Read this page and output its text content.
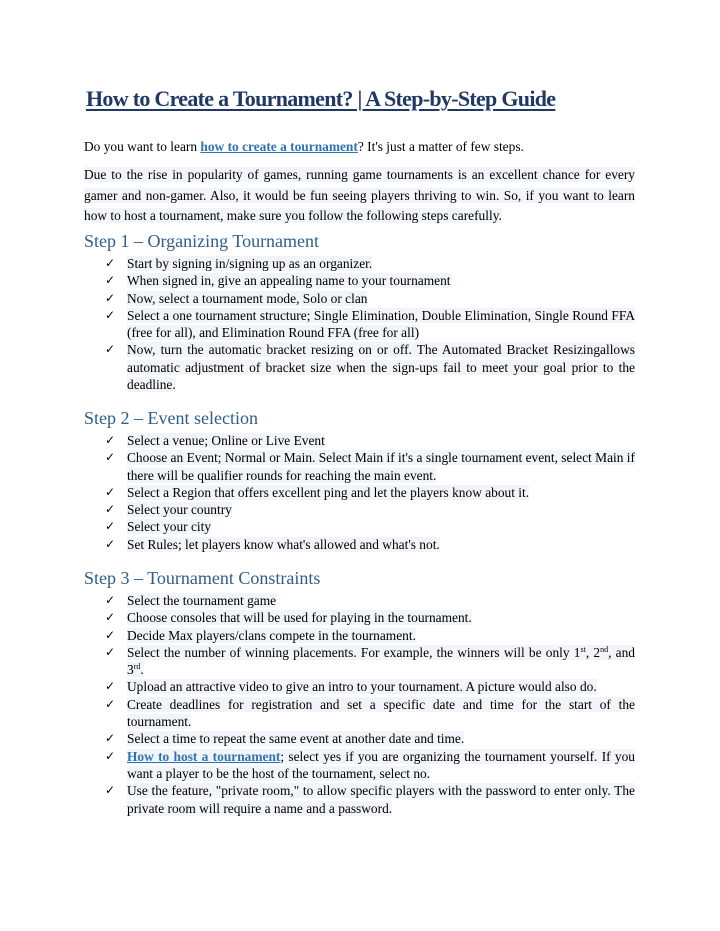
How to Create a Tournament? | A Step-by-Step Guide

Do you want to learn how to create a tournament? It's just a matter of few steps.

Due to the rise in popularity of games, running game tournaments is an excellent chance for every gamer and non-gamer. Also, it would be fun seeing players thriving to win. So, if you want to learn how to host a tournament, make sure you follow the following steps carefully.

Step 1 – Organizing Tournament
✓ Start by signing in/signing up as an organizer.
✓ When signed in, give an appealing name to your tournament
✓ Now, select a tournament mode, Solo or clan
✓ Select a one tournament structure; Single Elimination, Double Elimination, Single Round FFA (free for all), and Elimination Round FFA (free for all)
✓ Now, turn the automatic bracket resizing on or off. The Automated Bracket Resizingallows automatic adjustment of bracket size when the sign-ups fail to meet your goal prior to the deadline.
Step 2 – Event selection
✓ Select a venue; Online or Live Event
✓ Choose an Event; Normal or Main. Select Main if it's a single tournament event, select Main if there will be qualifier rounds for reaching the main event.
✓ Select a Region that offers excellent ping and let the players know about it.
✓ Select your country
✓ Select your city
✓ Set Rules; let players know what's allowed and what's not.
Step 3 – Tournament Constraints
✓ Select the tournament game
✓ Choose consoles that will be used for playing in the tournament.
✓ Decide Max players/clans compete in the tournament.
✓ Select the number of winning placements. For example, the winners will be only 1st, 2nd, and 3rd.
✓ Upload an attractive video to give an intro to your tournament. A picture would also do.
✓ Create deadlines for registration and set a specific date and time for the start of the tournament.
✓ Select a time to repeat the same event at another date and time.
✓ How to host a tournament; select yes if you are organizing the tournament yourself. If you want a player to be the host of the tournament, select no.
✓ Use the feature, "private room," to allow specific players with the password to enter only. The private room will require a name and a password.
